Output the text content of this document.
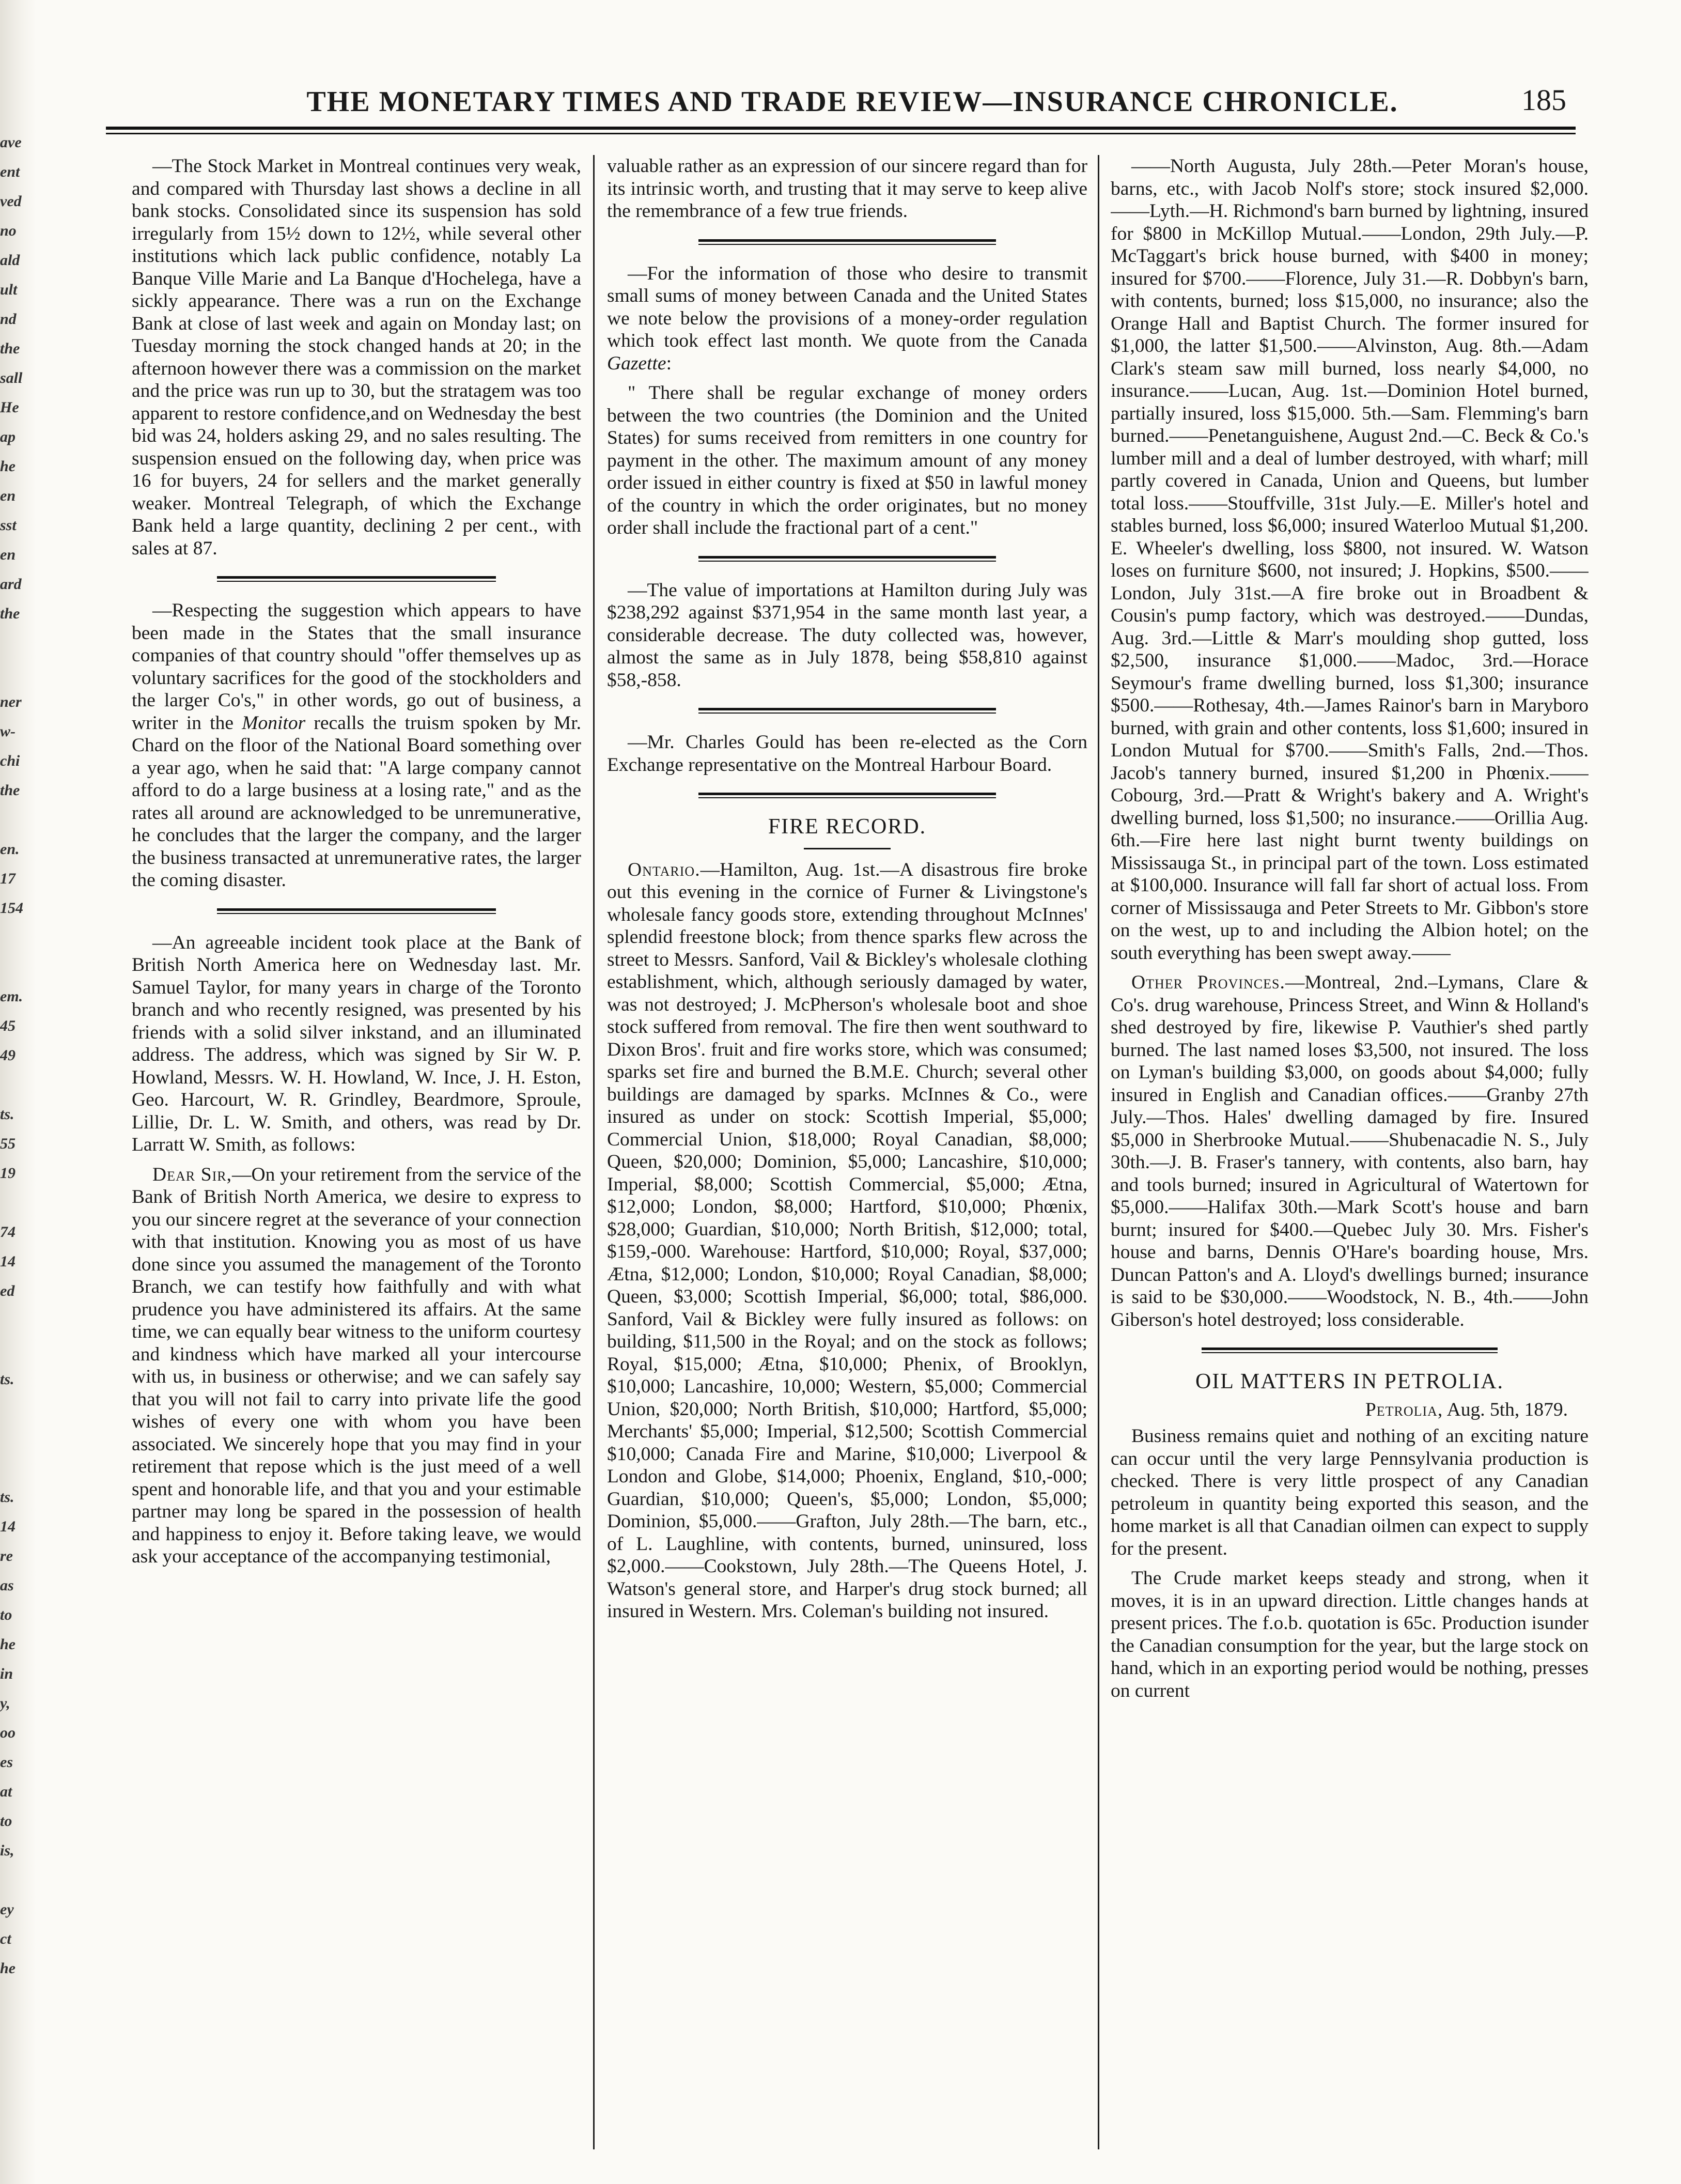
ave
ent
ved
no
ald
ult
nd
the
sall
He
ap
he
en
sst
en
ard
the
ner
w-
chi
the
en.
17
154
em.
45
49
ts.
55
19
74
14
ed
ts.
ts.
14
re
as
to
he
in
y,
oo
es
at
to
is,
ey
ct
he
THE MONETARY TIMES AND TRADE REVIEW—INSURANCE CHRONICLE.	185

—The Stock Market in Montreal continues very weak, and compared with Thursday last shows a decline in all bank stocks. Consolidated since its suspension has sold irregularly from 15½ down to 12½, while several other institutions which lack public confidence, notably La Banque Ville Marie and La Banque d'Hochelega, have a sickly appearance. There was a run on the Exchange Bank at close of last week and again on Monday last; on Tuesday morning the stock changed hands at 20; in the afternoon however there was a commission on the market and the price was run up to 30, but the stratagem was too apparent to restore confidence,and on Wednesday the best bid was 24, holders asking 29, and no sales resulting. The suspension ensued on the following day, when price was 16 for buyers, 24 for sellers and the market generally weaker. Montreal Telegraph, of which the Exchange Bank held a large quantity, declining 2 per cent., with sales at 87.

—Respecting the suggestion which appears to have been made in the States that the small insurance companies of that country should "offer themselves up as voluntary sacrifices for the good of the stockholders and the larger Co's," in other words, go out of business, a writer in the Monitor recalls the truism spoken by Mr. Chard on the floor of the National Board something over a year ago, when he said that: "A large company cannot afford to do a large business at a losing rate," and as the rates all around are acknowledged to be unremunerative, he concludes that the larger the company, and the larger the business transacted at unremunerative rates, the larger the coming disaster.

—An agreeable incident took place at the Bank of British North America here on Wednesday last. Mr. Samuel Taylor, for many years in charge of the Toronto branch and who recently resigned, was presented by his friends with a solid silver inkstand, and an illuminated address. The address, which was signed by Sir W. P. Howland, Messrs. W. H. Howland, W. Ince, J. H. Eston, Geo. Harcourt, W. R. Grindley, Beardmore, Sproule, Lillie, Dr. L. W. Smith, and others, was read by Dr. Larratt W. Smith, as follows:

Dear Sir,—On your retirement from the service of the Bank of British North America, we desire to express to you our sincere regret at the severance of your connection with that institution. Knowing you as most of us have done since you assumed the management of the Toronto Branch, we can testify how faithfully and with what prudence you have administered its affairs. At the same time, we can equally bear witness to the uniform courtesy and kindness which have marked all your intercourse with us, in business or otherwise; and we can safely say that you will not fail to carry into private life the good wishes of every one with whom you have been associated. We sincerely hope that you may find in your retirement that repose which is the just meed of a well spent and honorable life, and that you and your estimable partner may long be spared in the possession of health and happiness to enjoy it. Before taking leave, we would ask your acceptance of the accompanying testimonial,

valuable rather as an expression of our sincere regard than for its intrinsic worth, and trusting that it may serve to keep alive the remembrance of a few true friends.

—For the information of those who desire to transmit small sums of money between Canada and the United States we note below the provisions of a money-order regulation which took effect last month. We quote from the Canada Gazette:

" There shall be regular exchange of money orders between the two countries (the Dominion and the United States) for sums received from remitters in one country for payment in the other. The maximum amount of any money order issued in either country is fixed at $50 in lawful money of the country in which the order originates, but no money order shall include the fractional part of a cent."

—The value of importations at Hamilton during July was $238,292 against $371,954 in the same month last year, a considerable decrease. The duty collected was, however, almost the same as in July 1878, being $58,810 against $58,-858.

—Mr. Charles Gould has been re-elected as the Corn Exchange representative on the Montreal Harbour Board.

FIRE RECORD.

Ontario.—Hamilton, Aug. 1st.—A disastrous fire broke out this evening in the cornice of Furner & Livingstone's wholesale fancy goods store, extending throughout McInnes' splendid freestone block; from thence sparks flew across the street to Messrs. Sanford, Vail & Bickley's wholesale clothing establishment, which, although seriously damaged by water, was not destroyed; J. McPherson's wholesale boot and shoe stock suffered from removal. The fire then went southward to Dixon Bros'. fruit and fire works store, which was consumed; sparks set fire and burned the B.M.E. Church; several other buildings are damaged by sparks. McInnes & Co., were insured as under on stock: Scottish Imperial, $5,000; Commercial Union, $18,000; Royal Canadian, $8,000; Queen, $20,000; Dominion, $5,000; Lancashire, $10,000; Imperial, $8,000; Scottish Commercial, $5,000; Ætna, $12,000; London, $8,000; Hartford, $10,000; Phœnix, $28,000; Guardian, $10,000; North British, $12,000; total, $159,-000. Warehouse: Hartford, $10,000; Royal, $37,000; Ætna, $12,000; London, $10,000; Royal Canadian, $8,000; Queen, $3,000; Scottish Imperial, $6,000; total, $86,000. Sanford, Vail & Bickley were fully insured as follows: on building, $11,500 in the Royal; and on the stock as follows; Royal, $15,000; Ætna, $10,000; Phenix, of Brooklyn, $10,000; Lancashire, 10,000; Western, $5,000; Commercial Union, $20,000; North British, $10,000; Hartford, $5,000; Merchants' $5,000; Imperial, $12,500; Scottish Commercial $10,000; Canada Fire and Marine, $10,000; Liverpool & London and Globe, $14,000; Phoenix, England, $10,-000; Guardian, $10,000; Queen's, $5,000; London, $5,000; Dominion, $5,000.——Grafton, July 28th.—The barn, etc., of L. Laughline, with contents, burned, uninsured, loss $2,000.——Cookstown, July 28th.—The Queens Hotel, J. Watson's general store, and Harper's drug stock burned; all insured in Western. Mrs. Coleman's building not insured.

——North Augusta, July 28th.—Peter Moran's house, barns, etc., with Jacob Nolf's store; stock insured $2,000.——Lyth.—H. Richmond's barn burned by lightning, insured for $800 in McKillop Mutual.——London, 29th July.—P. McTaggart's brick house burned, with $400 in money; insured for $700.——Florence, July 31.—R. Dobbyn's barn, with contents, burned; loss $15,000, no insurance; also the Orange Hall and Baptist Church. The former insured for $1,000, the latter $1,500.——Alvinston, Aug. 8th.—Adam Clark's steam saw mill burned, loss nearly $4,000, no insurance.——Lucan, Aug. 1st.—Dominion Hotel burned, partially insured, loss $15,000. 5th.—Sam. Flemming's barn burned.——Penetanguishene, August 2nd.—C. Beck & Co.'s lumber mill and a deal of lumber destroyed, with wharf; mill partly covered in Canada, Union and Queens, but lumber total loss.——Stouffville, 31st July.—E. Miller's hotel and stables burned, loss $6,000; insured Waterloo Mutual $1,200. E. Wheeler's dwelling, loss $800, not insured. W. Watson loses on furniture $600, not insured; J. Hopkins, $500.——London, July 31st.—A fire broke out in Broadbent & Cousin's pump factory, which was destroyed.——Dundas, Aug. 3rd.—Little & Marr's moulding shop gutted, loss $2,500, insurance $1,000.——Madoc, 3rd.—Horace Seymour's frame dwelling burned, loss $1,300; insurance $500.——Rothesay, 4th.—James Rainor's barn in Maryboro burned, with grain and other contents, loss $1,600; insured in London Mutual for $700.——Smith's Falls, 2nd.—Thos. Jacob's tannery burned, insured $1,200 in Phœnix.——Cobourg, 3rd.—Pratt & Wright's bakery and A. Wright's dwelling burned, loss $1,500; no insurance.——Orillia Aug. 6th.—Fire here last night burnt twenty buildings on Mississauga St., in principal part of the town. Loss estimated at $100,000. Insurance will fall far short of actual loss. From corner of Mississauga and Peter Streets to Mr. Gibbon's store on the west, up to and including the Albion hotel; on the south everything has been swept away.——

Other Provinces.—Montreal, 2nd.–Lymans, Clare & Co's. drug warehouse, Princess Street, and Winn & Holland's shed destroyed by fire, likewise P. Vauthier's shed partly burned. The last named loses $3,500, not insured. The loss on Lyman's building $3,000, on goods about $4,000; fully insured in English and Canadian offices.——Granby 27th July.—Thos. Hales' dwelling damaged by fire. Insured $5,000 in Sherbrooke Mutual.——Shubenacadie N. S., July 30th.—J. B. Fraser's tannery, with contents, also barn, hay and tools burned; insured in Agricultural of Watertown for $5,000.——Halifax 30th.—Mark Scott's house and barn burnt; insured for $400.—Quebec July 30. Mrs. Fisher's house and barns, Dennis O'Hare's boarding house, Mrs. Duncan Patton's and A. Lloyd's dwellings burned; insurance is said to be $30,000.——Woodstock, N. B., 4th.——John Giberson's hotel destroyed; loss considerable.

OIL MATTERS IN PETROLIA.
Petrolia, Aug. 5th, 1879.

Business remains quiet and nothing of an exciting nature can occur until the very large Pennsylvania production is checked. There is very little prospect of any Canadian petroleum in quantity being exported this season, and the home market is all that Canadian oilmen can expect to supply for the present.

The Crude market keeps steady and strong, when it moves, it is in an upward direction. Little changes hands at present prices. The f.o.b. quotation is 65c. Production isunder the Canadian consumption for the year, but the large stock on hand, which in an exporting period would be nothing, presses on current
